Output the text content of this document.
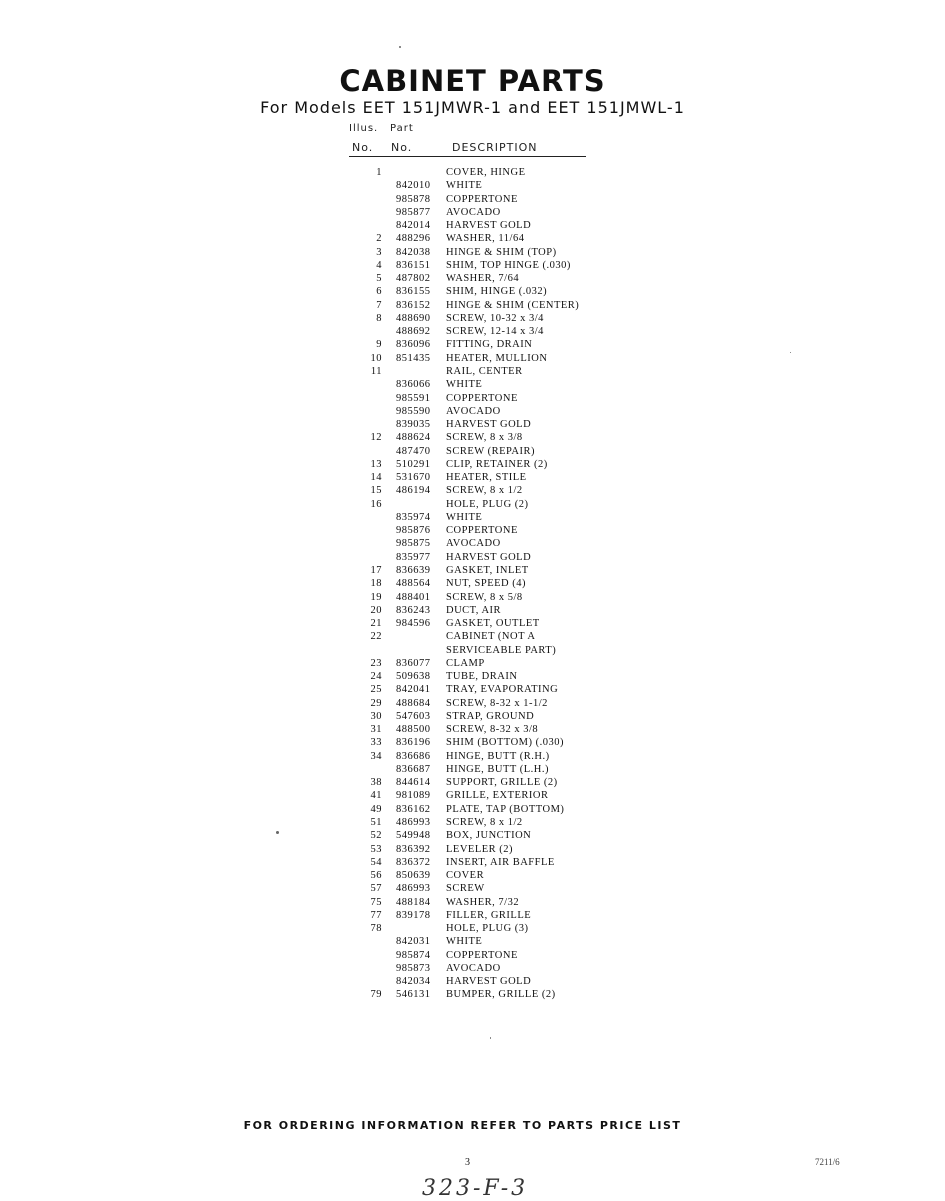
CABINET PARTS
For Models EET 151JMWR-1 and EET 151JMWL-1
Illus. Part
No. No.	DESCRIPTION
1	COVER, HINGE
842010 WHITE
985878 COPPERTONE
985877 AVOCADO
842014 HARVEST GOLD
2 488296 WASHER, 11/64
3 842038 HINGE & SHIM (TOP)
4 836151 SHIM, TOP HINGE (.030)
5 487802 WASHER, 7/64
6 836155 SHIM, HINGE (.032)
7 836152 HINGE & SHIM (CENTER)
8 488690 SCREW, 10-32 x 3/4
488692 SCREW, 12-14 x 3/4
9 836096 FITTING, DRAIN
10 851435 HEATER, MULLION
11	RAIL, CENTER
836066 WHITE
985591 COPPERTONE
985590 AVOCADO
839035 HARVEST GOLD
12 488624 SCREW, 8 x 3/8
487470 SCREW (REPAIR)
13 510291 CLIP, RETAINER (2)
14 531670 HEATER, STILE
15 486194 SCREW, 8 x 1/2
16	HOLE, PLUG (2)
835974 WHITE
985876 COPPERTONE
985875 AVOCADO
835977 HARVEST GOLD
17 836639 GASKET, INLET
18 488564 NUT, SPEED (4)
19 488401 SCREW, 8 x 5/8
20 836243 DUCT, AIR
21 984596 GASKET, OUTLET
22	CABINET (NOT A
SERVICEABLE PART)
23 836077 CLAMP
24 509638 TUBE, DRAIN
25 842041 TRAY, EVAPORATING
29 488684 SCREW, 8-32 x 1-1/2
30 547603 STRAP, GROUND
31 488500 SCREW, 8-32 x 3/8
33 836196 SHIM (BOTTOM) (.030)
34 836686 HINGE, BUTT (R.H.)
836687 HINGE, BUTT (L.H.)
38 844614 SUPPORT, GRILLE (2)
41 981089 GRILLE, EXTERIOR
49 836162 PLATE, TAP (BOTTOM)
51 486993 SCREW, 8 x 1/2
52 549948 BOX, JUNCTION
53 836392 LEVELER (2)
54 836372 INSERT, AIR BAFFLE
56 850639 COVER
57 486993 SCREW
75 488184 WASHER, 7/32
77 839178 FILLER, GRILLE
78	HOLE, PLUG (3)
842031 WHITE
985874 COPPERTONE
985873 AVOCADO
842034 HARVEST GOLD
79 546131 BUMPER, GRILLE (2)
FOR ORDERING INFORMATION REFER TO PARTS PRICE LIST
3	7211/6
323-F-3
